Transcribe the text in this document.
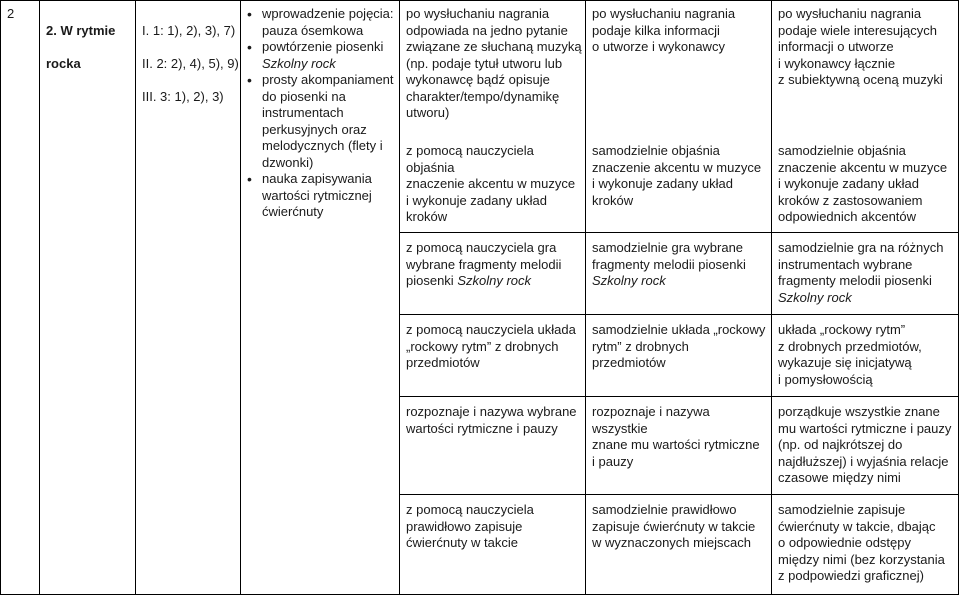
2

2. W rytmie

rocka

I. 1: 1), 2), 3), 7)

II. 2: 2), 4), 5), 9)

III. 3: 1), 2), 3)

• wprowadzenie pojęcia:
pauza ósemkowa
• powtórzenie piosenki
Szkolny rock
• prosty akompaniament do piosenki na instrumentach perkusyjnych oraz melodycznych (flety i dzwonki)
• nauka zapisywania wartości rytmicznej
ćwierćnuty
po wysłuchaniu nagrania
odpowiada na jedno pytanie
związane ze słuchaną muzyką
(np. podaje tytuł utworu lub
wykonawcę bądź opisuje
charakter/tempo/dynamikę
utworu)
po wysłuchaniu nagrania
podaje kilka informacji
o utworze i wykonawcy
po wysłuchaniu nagrania
podaje wiele interesujących
informacji o utworze
i wykonawcy łącznie
z subiektywną oceną muzyki
z pomocą nauczyciela objaśnia
znaczenie akcentu w muzyce
i wykonuje zadany układ
kroków
samodzielnie objaśnia
znaczenie akcentu w muzyce
i wykonuje zadany układ
kroków
samodzielnie objaśnia
znaczenie akcentu w muzyce
i wykonuje zadany układ
kroków z zastosowaniem
odpowiednich akcentów
z pomocą nauczyciela gra
wybrane fragmenty melodii
piosenki Szkolny rock
samodzielnie gra wybrane
fragmenty melodii piosenki
Szkolny rock
samodzielnie gra na różnych
instrumentach wybrane
fragmenty melodii piosenki
Szkolny rock
z pomocą nauczyciela układa
„rockowy rytm” z drobnych
przedmiotów
samodzielnie układa „rockowy
rytm” z drobnych
przedmiotów
układa „rockowy rytm”
z drobnych przedmiotów,
wykazuje się inicjatywą
i pomysłowością
rozpoznaje i nazywa wybrane
wartości rytmiczne i pauzy
rozpoznaje i nazywa wszystkie
znane mu wartości rytmiczne
i pauzy
porządkuje wszystkie znane
mu wartości rytmiczne i pauzy
(np. od najkrótszej do
najdłuższej) i wyjaśnia relacje
czasowe między nimi
z pomocą nauczyciela
prawidłowo zapisuje
ćwierćnuty w takcie
samodzielnie prawidłowo
zapisuje ćwierćnuty w takcie
w wyznaczonych miejscach
samodzielnie zapisuje
ćwierćnuty w takcie, dbając
o odpowiednie odstępy
między nimi (bez korzystania
z podpowiedzi graficznej)
